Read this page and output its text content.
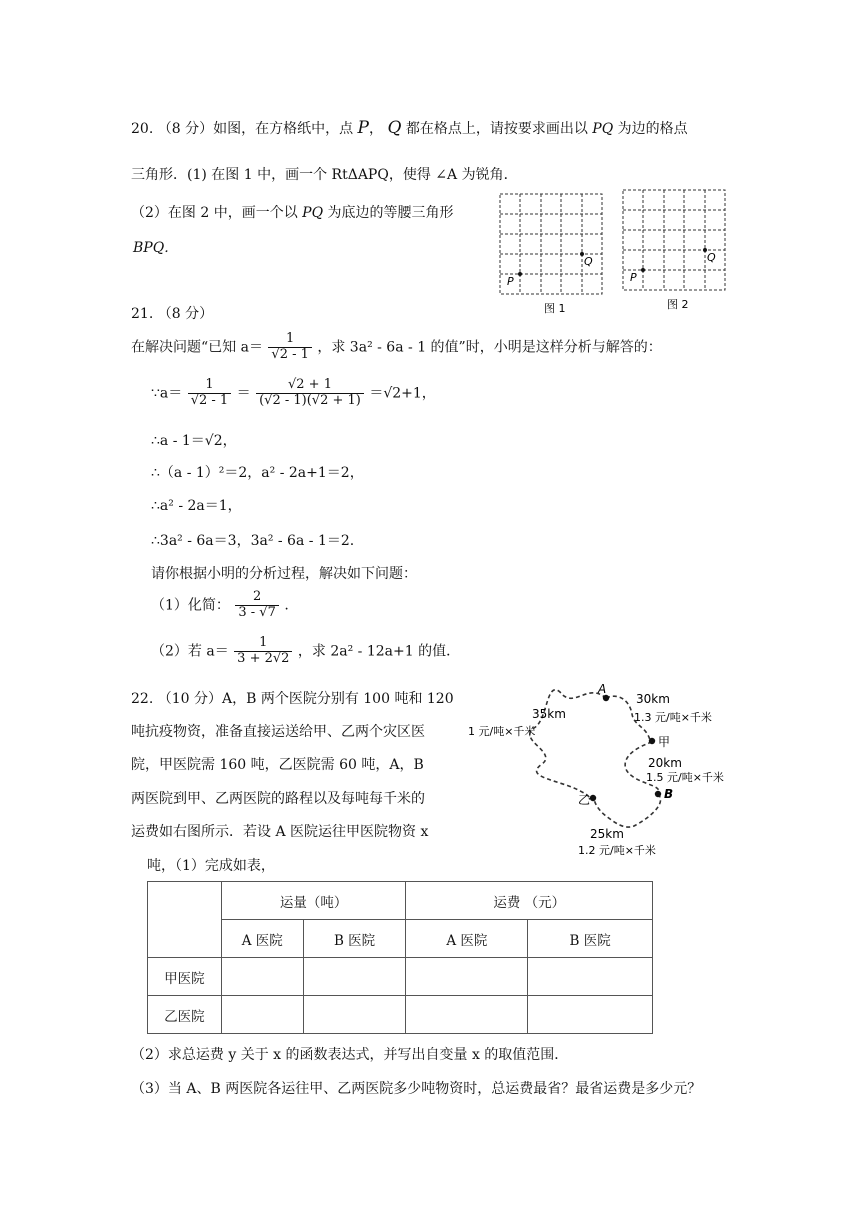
20. （8 分）如图，在方格纸中，点 P， Q 都在格点上，请按要求画出以 PQ 为边的格点
三角形．(1) 在图 1 中，画一个 RtΔAPQ，使得 ∠A 为锐角．
（2）在图 2 中，画一个以 PQ 为底边的等腰三角形
BPQ．
P
Q
图 1
P
Q
图 2
21. （8 分）
在解决问题“已知 $a= \frac{1}{√2 - 1}$ ，求 3a² - 6a - 1 的值”时，小明是这样分析与解答的：
∵a＝ $\frac{1}{√2 - 1} = \frac{√2 + 1}{(√2 - 1)(√2 + 1)} =√2+1$，
∴a - 1＝√2，
∴（a - 1）²＝2，a² - 2a+1＝2，
∴a² - 2a＝1，
∴3a² - 6a＝3，3a² - 6a - 1＝2.
请你根据小明的分析过程，解决如下问题：
（1）化简： $\frac{2}{3 - √7}$ .
（2）若 $a= \frac{1}{3 + 2√2}$ ，求 2a² - 12a+1 的值．
22. （10 分）A，B 两个医院分别有 100 吨和 120
吨抗疫物资，准备直接运送给甲、乙两个灾区医
院，甲医院需 160 吨，乙医院需 60 吨，A，B
两医院到甲、乙两医院的路程以及每吨每千米的
运费如右图所示．若设 A 医院运往甲医院物资 x
吨，（1）完成如表，
A
甲
B
乙
35km
1 元/吨×千米
30km
1.3 元/吨×千米
20km
1.5 元/吨×千米
25km
1.2 元/吨×千米
	运量（吨）		运费 （元）	
	A 医院	B 医院	A 医院	B 医院
甲医院				
乙医院				
（2）求总运费 y 关于 x 的函数表达式，并写出自变量 x 的取值范围．
（3）当 A、B 两医院各运往甲、乙两医院多少吨物资时，总运费最省？最省运费是多少元？
